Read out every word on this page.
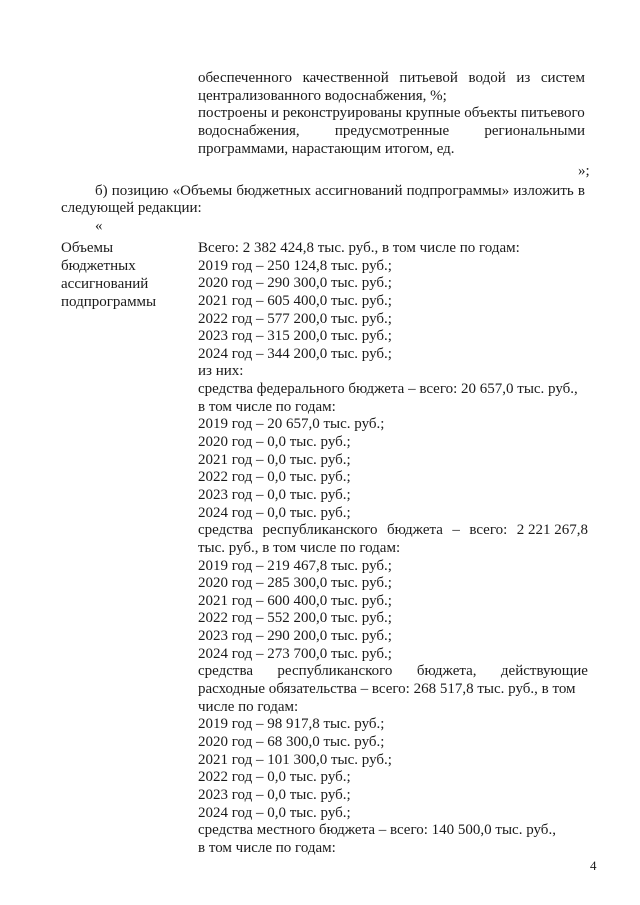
обеспеченного качественной питьевой водой из систем
централизованного водоснабжения, %;
построены и реконструированы крупные объекты питьевого
водоснабжения, предусмотренные региональными
программами, нарастающим итогом, ед.
»;
б) позицию «Объемы бюджетных ассигнований подпрограммы» изложить в
следующей редакции:
«
Объемы
бюджетных
ассигнований
подпрограммы
Всего: 2 382 424,8 тыс. руб., в том числе по годам:
2019 год – 250 124,8 тыс. руб.;
2020 год – 290 300,0 тыс. руб.;
2021 год – 605 400,0 тыс. руб.;
2022 год – 577 200,0 тыс. руб.;
2023 год – 315 200,0 тыс. руб.;
2024 год – 344 200,0 тыс. руб.;
из них:
средства федерального бюджета – всего: 20 657,0 тыс. руб.,
в том числе по годам:
2019 год – 20 657,0 тыс. руб.;
2020 год – 0,0 тыс. руб.;
2021 год – 0,0 тыс. руб.;
2022 год – 0,0 тыс. руб.;
2023 год – 0,0 тыс. руб.;
2024 год – 0,0 тыс. руб.;
средства республиканского бюджета – всего: 2 221 267,8
тыс. руб., в том числе по годам:
2019 год – 219 467,8 тыс. руб.;
2020 год – 285 300,0 тыс. руб.;
2021 год – 600 400,0 тыс. руб.;
2022 год – 552 200,0 тыс. руб.;
2023 год – 290 200,0 тыс. руб.;
2024 год – 273 700,0 тыс. руб.;
средства республиканского бюджета, действующие
расходные обязательства – всего: 268 517,8 тыс. руб., в том
числе по годам:
2019 год – 98 917,8 тыс. руб.;
2020 год – 68 300,0 тыс. руб.;
2021 год – 101 300,0 тыс. руб.;
2022 год – 0,0 тыс. руб.;
2023 год – 0,0 тыс. руб.;
2024 год – 0,0 тыс. руб.;
средства местного бюджета – всего: 140 500,0 тыс. руб.,
в том числе по годам:
4
